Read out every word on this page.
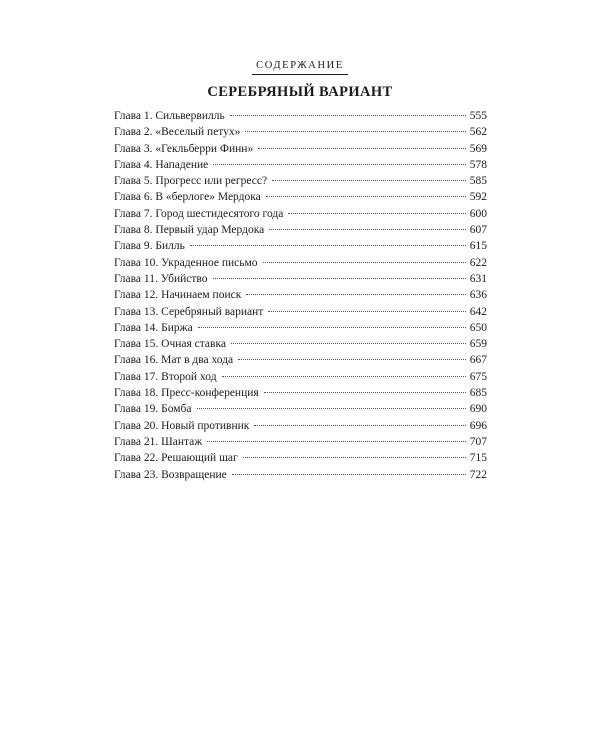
СОДЕРЖАНИЕ
СЕРЕБРЯНЫЙ ВАРИАНТ
Глава 1. Сильвервилль	555
Глава 2. «Веселый петух»	562
Глава 3. «Гекльберри Финн»	569
Глава 4. Нападение	578
Глава 5. Прогресс или регресс?	585
Глава 6. В «берлоге» Мердока	592
Глава 7. Город шестидесятого года	600
Глава 8. Первый удар Мердока	607
Глава 9. Билль	615
Глава 10. Украденное письмо	622
Глава 11. Убийство	631
Глава 12. Начинаем поиск	636
Глава 13. Серебряный вариант	642
Глава 14. Биржа	650
Глава 15. Очная ставка	659
Глава 16. Мат в два хода	667
Глава 17. Второй ход	675
Глава 18. Пресс-конференция	685
Глава 19. Бомба	690
Глава 20. Новый противник	696
Глава 21. Шантаж	707
Глава 22. Решающий шаг	715
Глава 23. Возвращение	722
